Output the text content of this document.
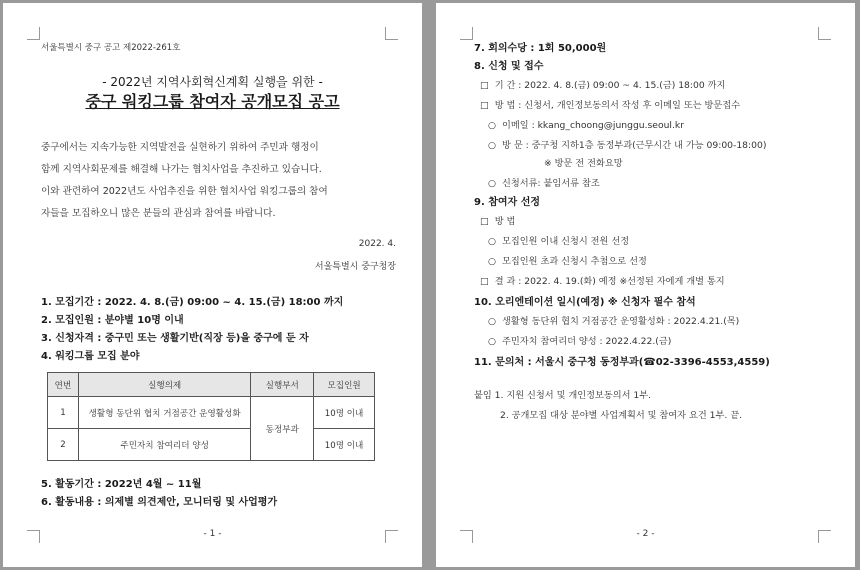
서울특별시 중구 공고 제2022-261호
- 2022년 지역사회혁신계획 실행을 위한 -
중구 워킹그룹 참여자 공개모집 공고
중구에서는 지속가능한 지역발전을 실현하기 위하여 주민과 행정이
함께 지역사회문제를 해결해 나가는 협치사업을 추진하고 있습니다.
이와 관련하여 2022년도 사업추진을 위한 협치사업 워킹그룹의 참여
자들을 모집하오니 많은 분들의 관심과 참여를 바랍니다.
2022. 4.
서울특별시 중구청장
1. 모집기간 : 2022. 4. 8.(금) 09:00 ~ 4. 15.(금) 18:00 까지
2. 모집인원 : 분야별 10명 이내
3. 신청자격 : 중구민 또는 생활기반(직장 등)을 중구에 둔 자
4. 워킹그룹 모집 분야
연번	실행의제	실행부서	모집인원
1	생활형 동단위 협치 거점공간 운영활성화	동정부과	10명 이내
2	주민자치 참여리더 양성		10명 이내
5. 활동기간 : 2022년 4월 ~ 11월
6. 활동내용 : 의제별 의견제안, 모니터링 및 사업평가
- 1 -
7. 회의수당 : 1회 50,000원
8. 신청 및 접수
□ 기 간 : 2022. 4. 8.(금) 09:00 ~ 4. 15.(금) 18:00 까지
□ 방 법 : 신청서, 개인정보동의서 작성 후 이메일 또는 방문접수
○ 이메일 : kkang_choong@junggu.seoul.kr
○ 방 문 : 중구청 지하1층 동정부과(근무시간 내 가능 09:00-18:00)
※ 방문 전 전화요망
○ 신청서류: 붙임서류 참조
9. 참여자 선정
□ 방 법
○ 모집인원 이내 신청시 전원 선정
○ 모집인원 초과 신청시 추첨으로 선정
□ 결 과 : 2022. 4. 19.(화) 예정 ※선정된 자에게 개별 통지
10. 오리엔테이션 일시(예정) ※ 신청자 필수 참석
○ 생활형 동단위 협치 거점공간 운영활성화 : 2022.4.21.(목)
○ 주민자치 참여리더 양성 : 2022.4.22.(금)
11. 문의처 : 서울시 중구청 동정부과(☎02-3396-4553,4559)
붙임 1. 지원 신청서 및 개인정보동의서 1부.
2. 공개모집 대상 분야별 사업계획서 및 참여자 요건 1부. 끝.
- 2 -
